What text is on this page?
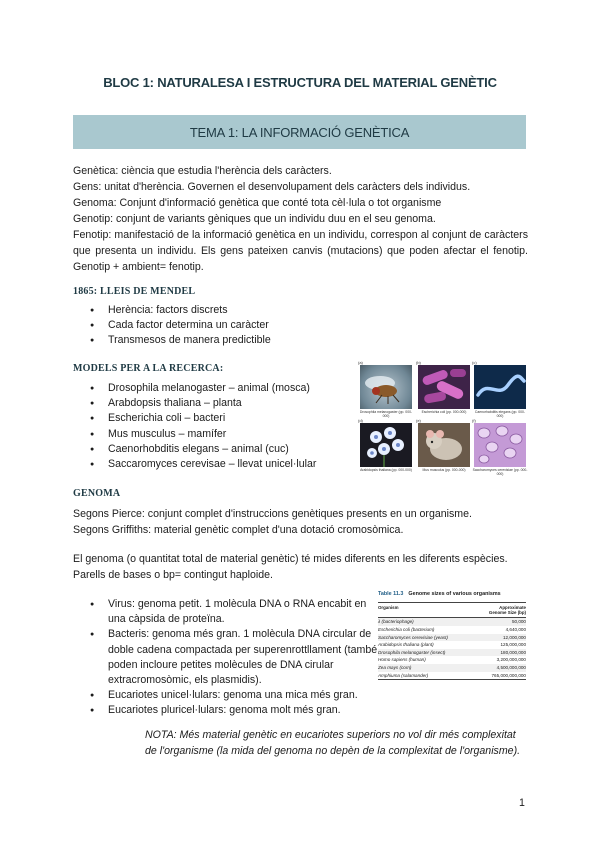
BLOC 1: NATURALESA I ESTRUCTURA DEL MATERIAL GENÈTIC
TEMA 1: LA INFORMACIÓ GENÈTICA
Genètica: ciència que estudia l'herència dels caràcters.
Gens: unitat d'herència. Governen el desenvolupament dels caràcters dels individus.
Genoma: Conjunt d'informació genètica que conté tota cèl·lula o tot organisme
Genotip: conjunt de variants gèniques que un individu duu en el seu genoma.

Fenotip: manifestació de la informació genètica en un individu, correspon al conjunt de caràcters que presenta un individu. Els gens pateixen canvis (mutacions) que poden afectar el fenotip. Genotip + ambient= fenotip.

1865: LLEIS DE MENDEL
● Herència: factors discrets
● Cada factor determina un caràcter
● Transmesos de manera predictible
MODELS PER A LA RECERCA:
● Drosophila melanogaster – animal (mosca)
● Arabdopsis thaliana – planta
● Escherichia coli – bacteri
● Mus musculus – mamífer
● Caenorhobditis elegans – animal (cuc)
● Saccaromyces cerevisae – llevat unicel·lular
(a)
Drosophila melanogaster (pp. 000-000)
(b)
Escherichia coli (pp. 000-000)
(c)
Caenorhabditis elegans (pp. 000-000)
(d)
Arabidopsis thaliana (pp. 000-000)
(e)
Mus musculus (pp. 000-000)
(f)
Saccharomyces cerevisiae (pp. 000-000)
GENOMA
Segons Pierce: conjunt complet d'instruccions genètiques presents en un organisme.
Segons Griffiths: material genètic complet d'una dotació cromosòmica.

El genoma (o quantitat total de material genètic) té mides diferents en les diferents espècies. Parells de bases o bp= contingut haploide.

● Virus: genoma petit. 1 molècula DNA o RNA encabit en una càpsida de proteïna.
● Bacteris: genoma més gran. 1 molècula DNA circular de doble cadena compactada per superenrottllament (també poden incloure petites molècules de DNA cirular extracromosòmic, els plasmidis).
● Eucariotes unicel·lulars: genoma una mica més gran.
● Eucariotes pluricel·lulars: genoma molt més gran.
Table 11.3 Genome sizes of various organisms
Organism	Approximate Genome Size (bp)
λ (bacteriophage)	50,000
Escherichia coli (bacterium)	4,640,000
Saccharomyces cerevisiae (yeast)	12,000,000
Arabidopsis thaliana (plant)	125,000,000
Drosophila melanogaster (insect)	180,000,000
Homo sapiens (human)	3,200,000,000
Zea mays (corn)	4,500,000,000
Amphiuma (salamander)	765,000,000,000
NOTA: Més material genètic en eucariotes superiors no vol dir més complexitat de l'organisme (la mida del genoma no depèn de la complexitat de l'organisme).
1
